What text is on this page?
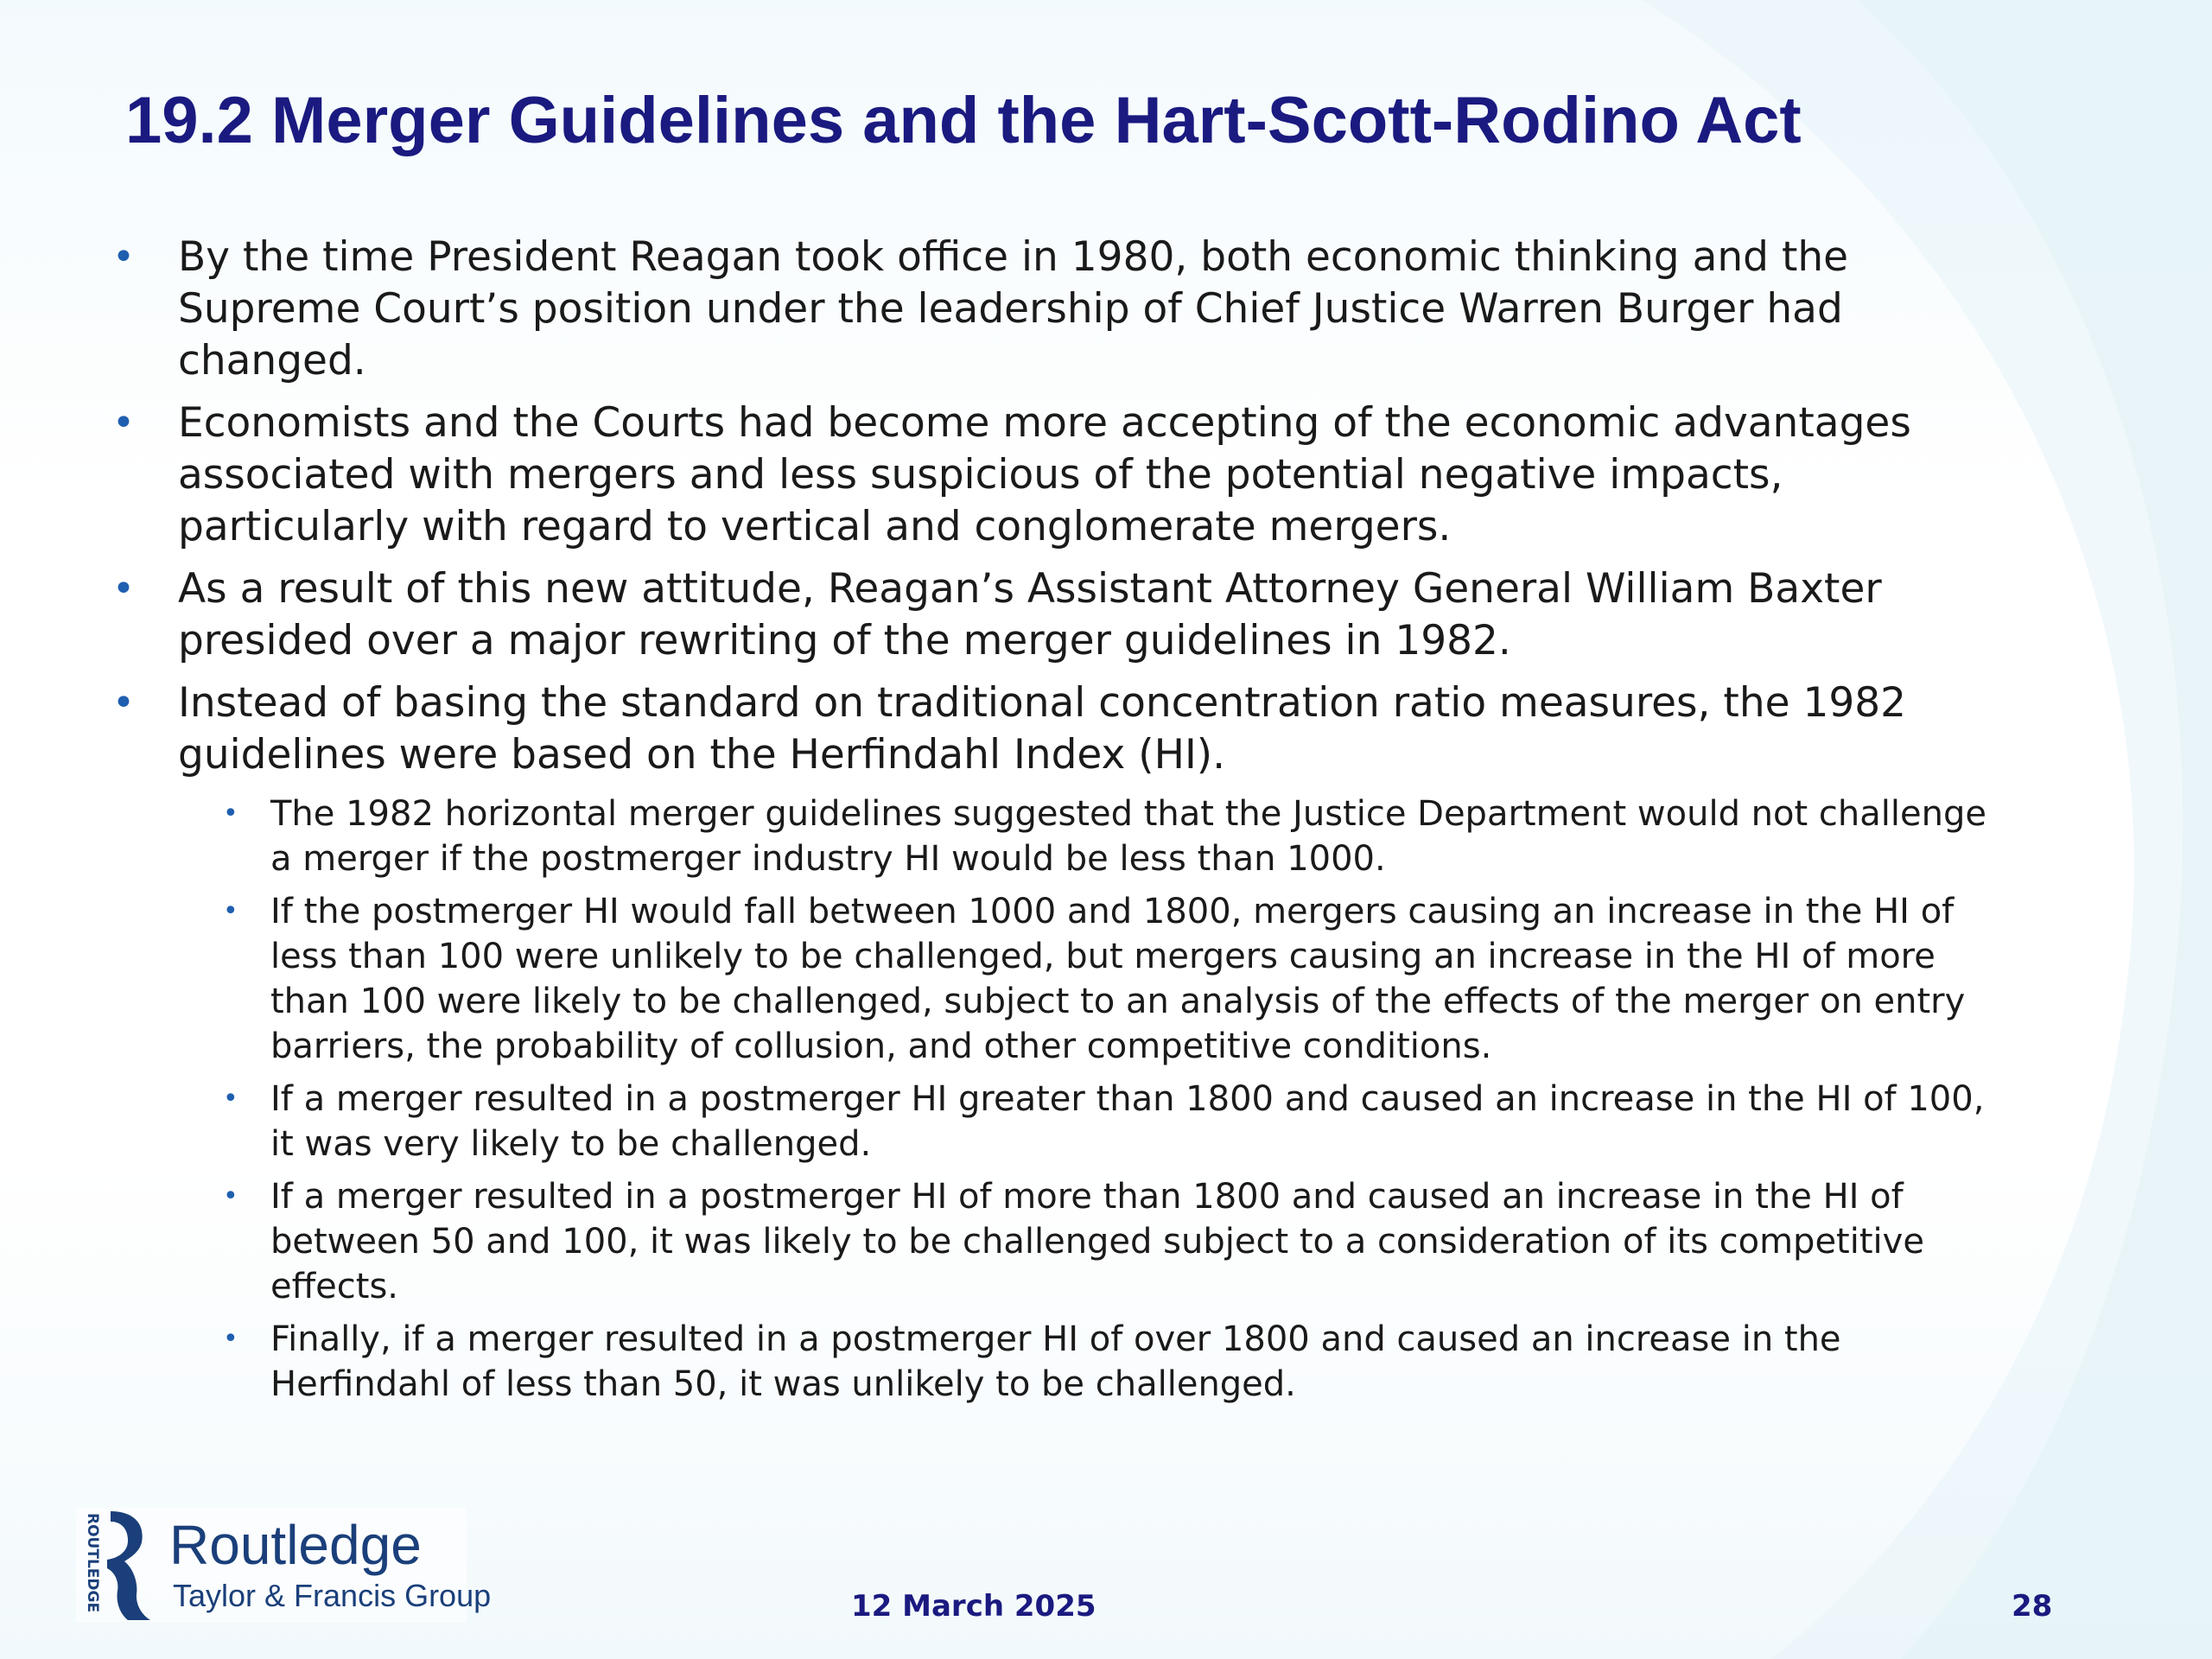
19.2 Merger Guidelines and the Hart-Scott-Rodino Act
• By the time President Reagan took office in 1980, both economic thinking and the Supreme Court’s position under the leadership of Chief Justice Warren Burger had changed.
• Economists and the Courts had become more accepting of the economic advantages associated with mergers and less suspicious of the potential negative impacts, particularly with regard to vertical and conglomerate mergers.
• As a result of this new attitude, Reagan’s Assistant Attorney General William Baxter presided over a major rewriting of the merger guidelines in 1982.
• Instead of basing the standard on traditional concentration ratio measures, the 1982 guidelines were based on the Herfindahl Index (HI).
• The 1982 horizontal merger guidelines suggested that the Justice Department would not challenge a merger if the postmerger industry HI would be less than 1000.
• If the postmerger HI would fall between 1000 and 1800, mergers causing an increase in the HI of less than 100 were unlikely to be challenged, but mergers causing an increase in the HI of more than 100 were likely to be challenged, subject to an analysis of the effects of the merger on entry barriers, the probability of collusion, and other competitive conditions.
• If a merger resulted in a postmerger HI greater than 1800 and caused an increase in the HI of 100, it was very likely to be challenged.
• If a merger resulted in a postmerger HI of more than 1800 and caused an increase in the HI of between 50 and 100, it was likely to be challenged subject to a consideration of its competitive effects.
• Finally, if a merger resulted in a postmerger HI of over 1800 and caused an increase in the Herfindahl of less than 50, it was unlikely to be challenged.
ROUTLEDGE Routledge
Taylor & Francis Group	12 March 2025	28
